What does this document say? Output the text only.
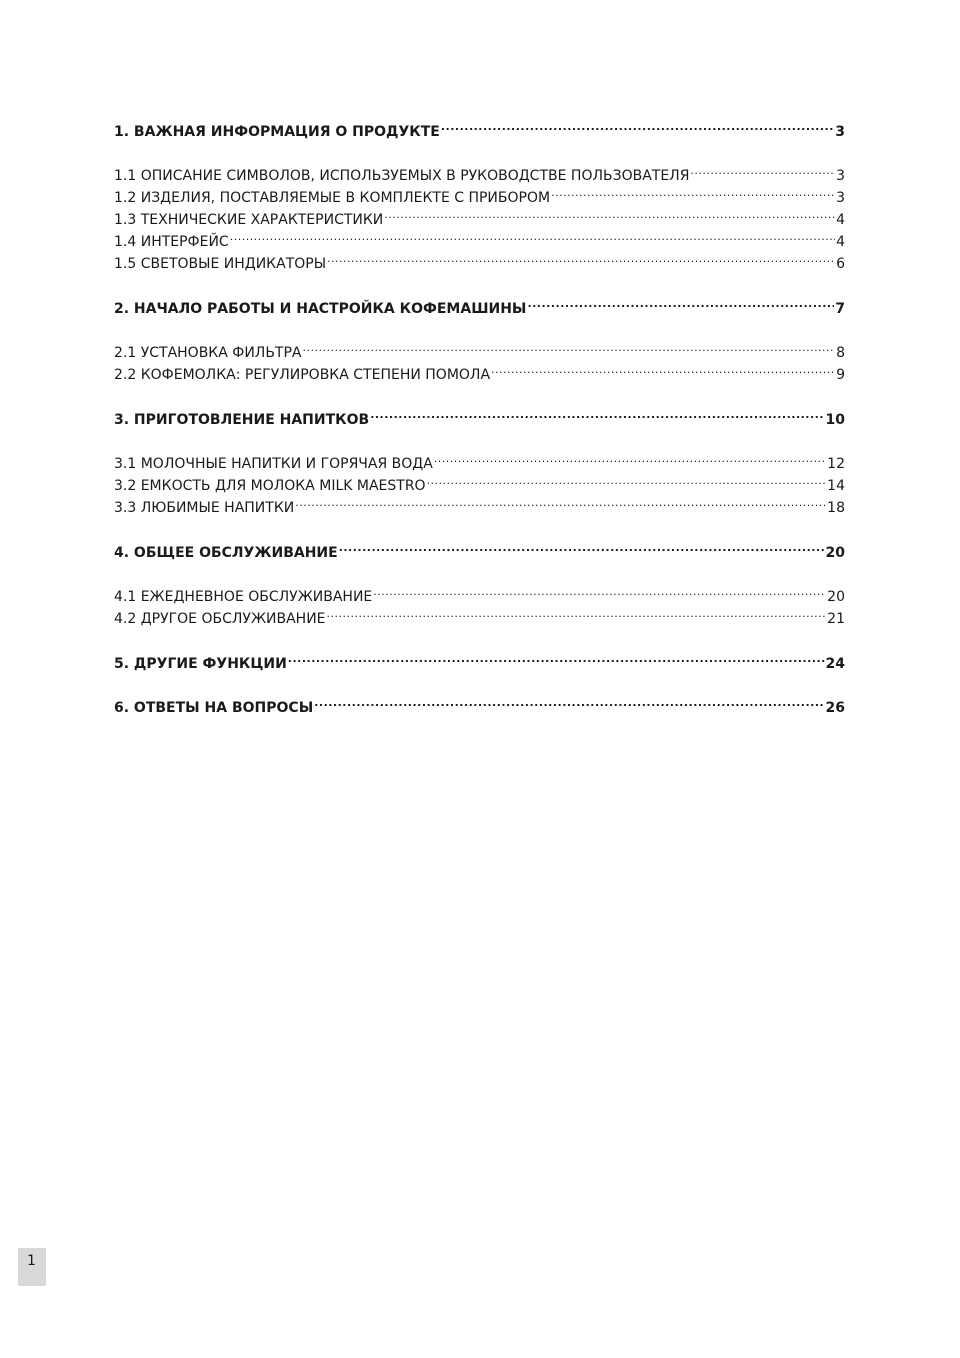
1. ВАЖНАЯ ИНФОРМАЦИЯ О ПРОДУКТЕ .....	3
1.1 ОПИСАНИЕ СИМВОЛОВ, ИСПОЛЬЗУЕМЫХ В РУКОВОДСТВЕ ПОЛЬЗОВАТЕЛЯ .....	3
1.2 ИЗДЕЛИЯ, ПОСТАВЛЯЕМЫЕ В КОМПЛЕКТЕ С ПРИБОРОМ .....	3
1.3 ТЕХНИЧЕСКИЕ ХАРАКТЕРИСТИКИ .....	4
1.4 ИНТЕРФЕЙС .....	4
1.5 СВЕТОВЫЕ ИНДИКАТОРЫ .....	6
2. НАЧАЛО РАБОТЫ И НАСТРОЙКА КОФЕМАШИНЫ .....	7
2.1 УСТАНОВКА ФИЛЬТРА .....	8
2.2 КОФЕМОЛКА: РЕГУЛИРОВКА СТЕПЕНИ ПОМОЛА .....	9
3. ПРИГОТОВЛЕНИЕ НАПИТКОВ .....	10
3.1 МОЛОЧНЫЕ НАПИТКИ И ГОРЯЧАЯ ВОДА .....	12
3.2 ЕМКОСТЬ ДЛЯ МОЛОКА MILK MAESTRO .....	14
3.3 ЛЮБИМЫЕ НАПИТКИ .....	18
4. ОБЩЕЕ ОБСЛУЖИВАНИЕ .....	20
4.1 ЕЖЕДНЕВНОЕ ОБСЛУЖИВАНИЕ .....	20
4.2 ДРУГОЕ ОБСЛУЖИВАНИЕ .....	21
5. ДРУГИЕ ФУНКЦИИ .....	24
6. ОТВЕТЫ НА ВОПРОСЫ .....	26
1
